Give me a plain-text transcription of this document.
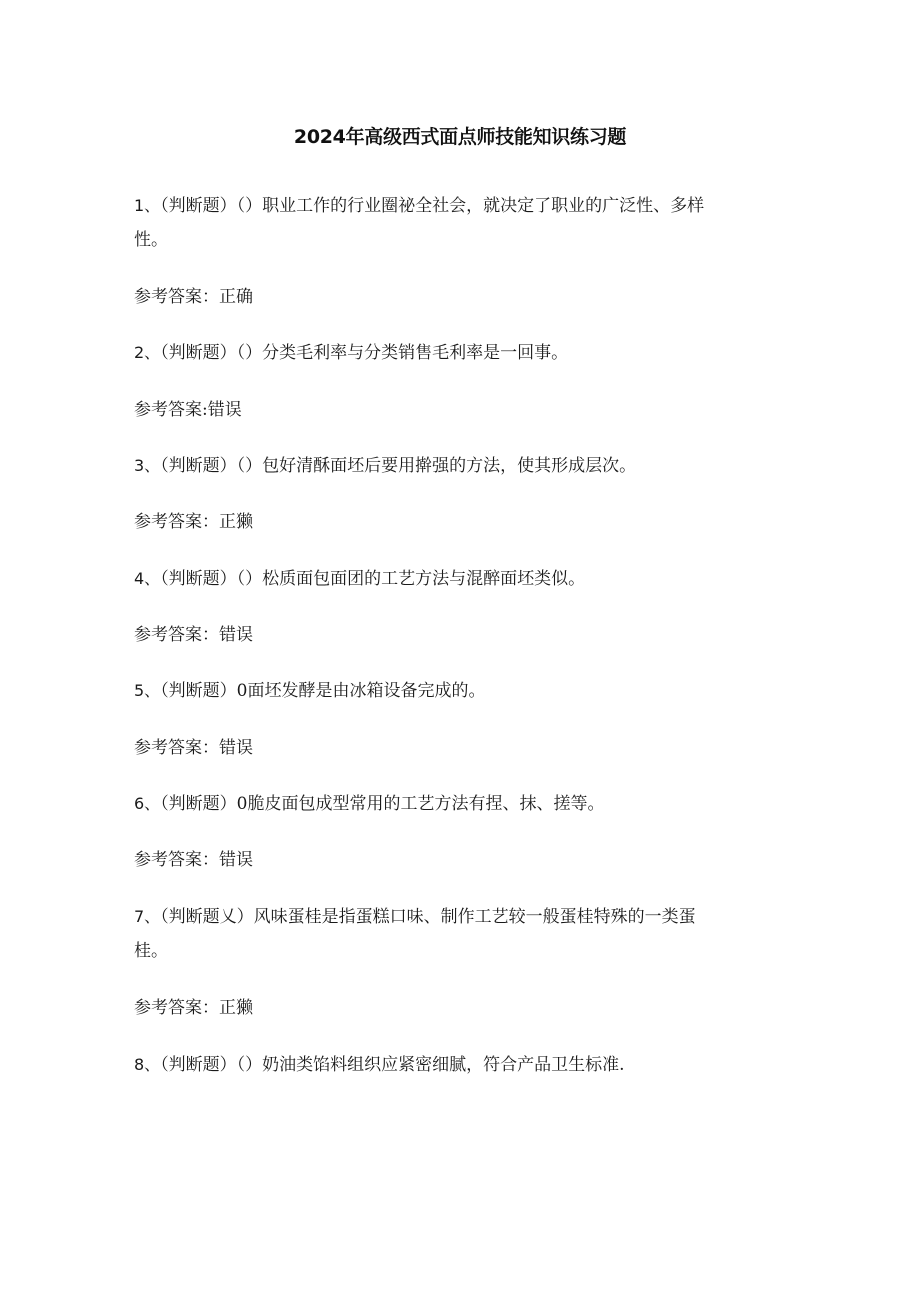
2024年高级西式面点师技能知识练习题
1、（判断题）（）职业工作的行业圈祕全社会，就决定了职业的广泛性、多样
性。
参考答案：正确
2、（判断题）（）分类毛利率与分类销售毛利率是一回事。
参考答案:错误
3、（判断题）（）包好清酥面坯后要用擀强的方法，使其形成层次。
参考答案：正獭
4、（判断题）（）松质面包面团的工艺方法与混醉面坯类似。
参考答案：错误
5、（判断题）0面坯发酵是由冰箱设备完成的。
参考答案：错误
6、（判断题）0脆皮面包成型常用的工艺方法有捏、抹、搓等。
参考答案：错误
7、（判断题乂）风味蛋桂是指蛋糕口味、制作工艺较一般蛋桂特殊的一类蛋
桂。
参考答案：正獭
8、（判断题）（）奶油类馅料组织应紧密细腻，符合产品卫生标准.
